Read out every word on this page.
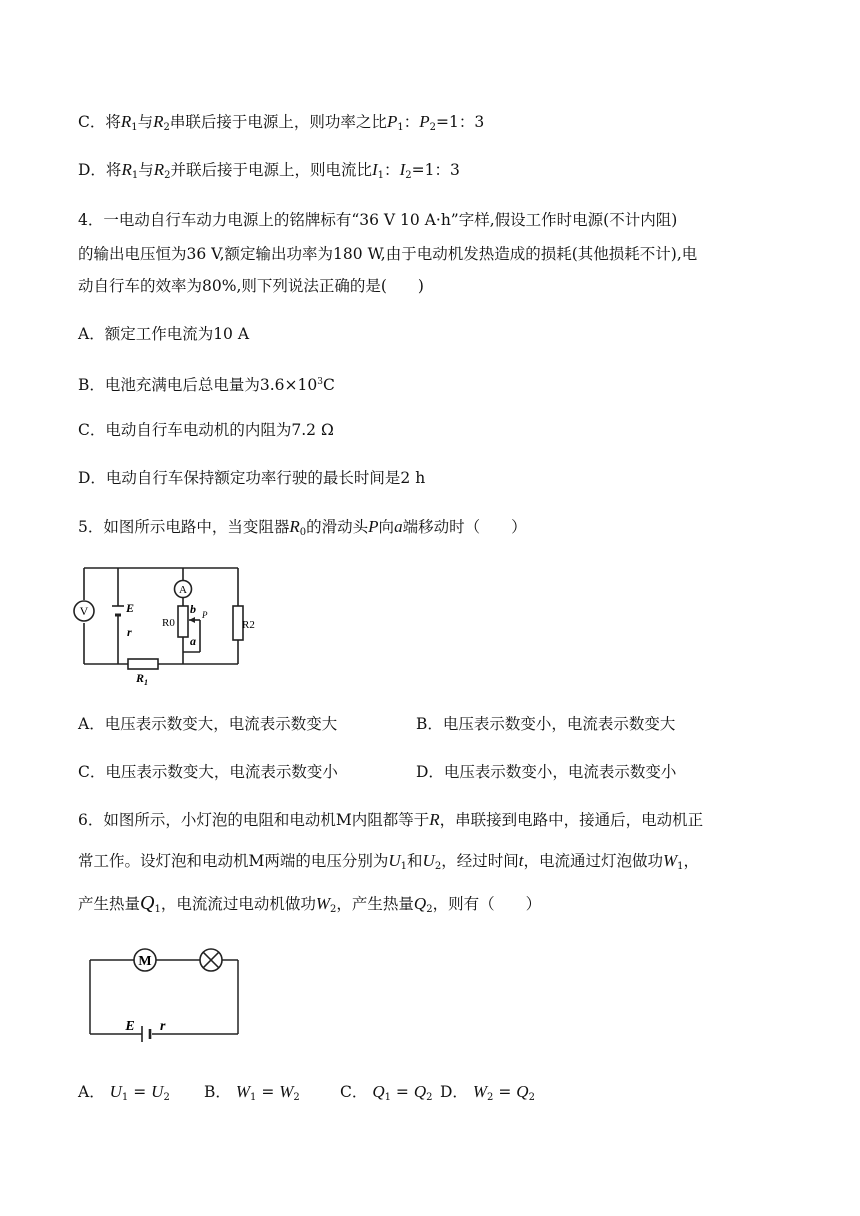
C．将$R_1$与$R_2$串联后接于电源上，则功率之比$P_1$：$P_2=1$：3
D．将$R_1$与$R_2$并联后接于电源上，则电流比$I_1$：$I_2=1$：3
4．一电动自行车动力电源上的铭牌标有“36 V 10 A·h”字样,假设工作时电源(不计内阻)
的输出电压恒为36 V,额定输出功率为180 W,由于电动机发热造成的损耗(其他损耗不计),电
动自行车的效率为80%,则下列说法正确的是(　　)
A．额定工作电流为10 A
B．电池充满电后总电量为$3.6\times 10^3C$
C．电动自行车电动机的内阻为7.2 Ω
D．电动自行车保持额定功率行驶的最长时间是2 h
5．如图所示电路中，当变阻器$R_0$的滑动头P向a端移动时（　　）
V	E
r
A
R0
b
a
P
R2
$R_1$
A．电压表示数变大，电流表示数变大	B．电压表示数变小，电流表示数变大
C．电压表示数变大，电流表示数变小	D．电压表示数变小，电流表示数变小
6．如图所示，小灯泡的电阻和电动机M内阻都等于R，串联接到电路中，接通后，电动机正
常工作。设灯泡和电动机M两端的电压分别为$U_1$和$U_2$，经过时间t，电流通过灯泡做功$W_1$，
产生热量$Q_1$，电流流过电动机做功$W_2$，产生热量$Q_2$，则有（　　）
M
E r
A． $U_1 = U_2$ B． $W_1 = W_2$	C． $Q_1 = Q_2$ D． $W_2 = Q_2$
